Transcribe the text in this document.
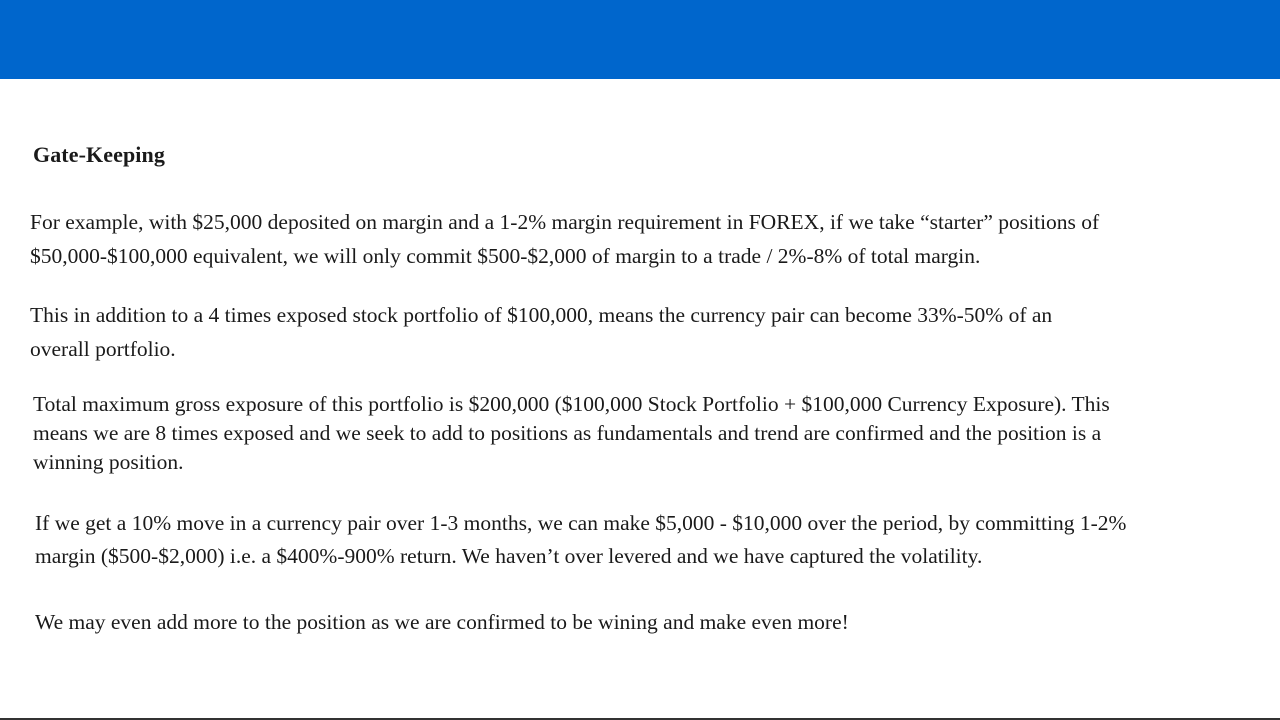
Gate-Keeping

For example, with $25,000 deposited on margin and a 1-2% margin requirement in FOREX, if we take “starter” positions of
$50,000-$100,000 equivalent, we will only commit $500-$2,000 of margin to a trade / 2%-8% of total margin.

This in addition to a 4 times exposed stock portfolio of $100,000, means the currency pair can become 33%-50% of an
overall portfolio.

Total maximum gross exposure of this portfolio is $200,000 ($100,000 Stock Portfolio + $100,000 Currency Exposure). This
means we are 8 times exposed and we seek to add to positions as fundamentals and trend are confirmed and the position is a
winning position.

If we get a 10% move in a currency pair over 1-3 months, we can make $5,000 - $10,000 over the period, by committing 1-2%
margin ($500-$2,000) i.e. a $400%-900% return. We haven’t over levered and we have captured the volatility.

We may even add more to the position as we are confirmed to be wining and make even more!
